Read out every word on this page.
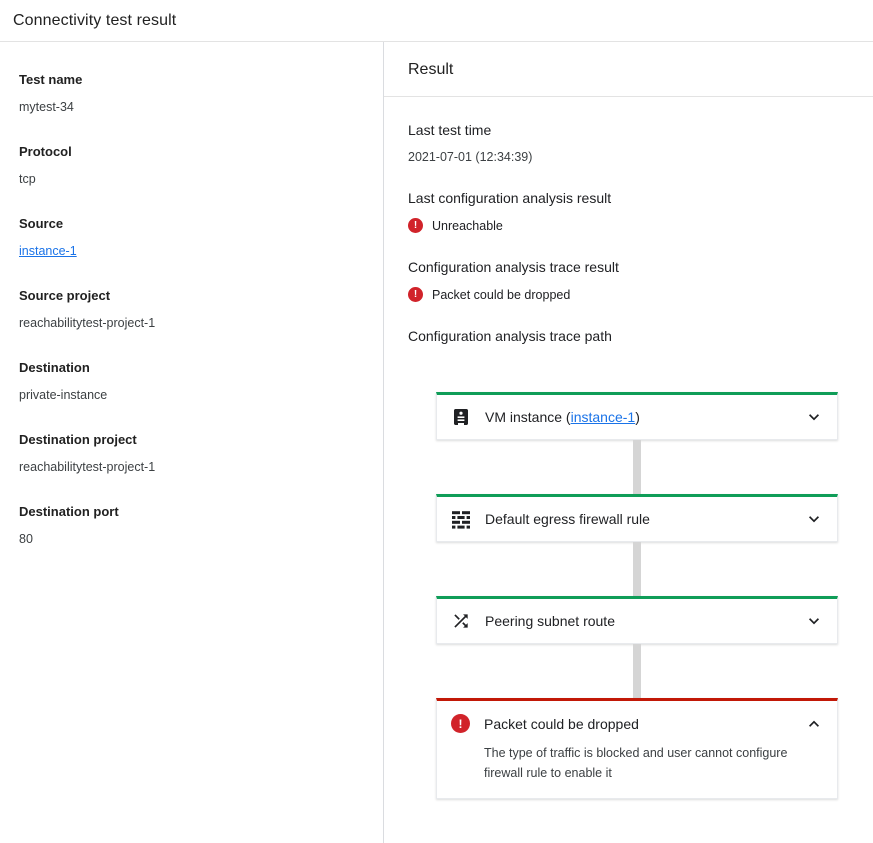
Connectivity test result
Test name
mytest-34
Protocol
tcp
Source
instance-1
Source project
reachabilitytest-project-1
Destination
private-instance
Destination project
reachabilitytest-project-1
Destination port
80
Result
Last test time
2021-07-01 (12:34:39)
Last configuration analysis result
!	Unreachable
Configuration analysis trace result
!	Packet could be dropped
Configuration analysis trace path
VM instance (instance-1)
Default egress firewall rule
Peering subnet route
!	Packet could be dropped
The type of traffic is blocked and user cannot configure firewall rule to enable it
